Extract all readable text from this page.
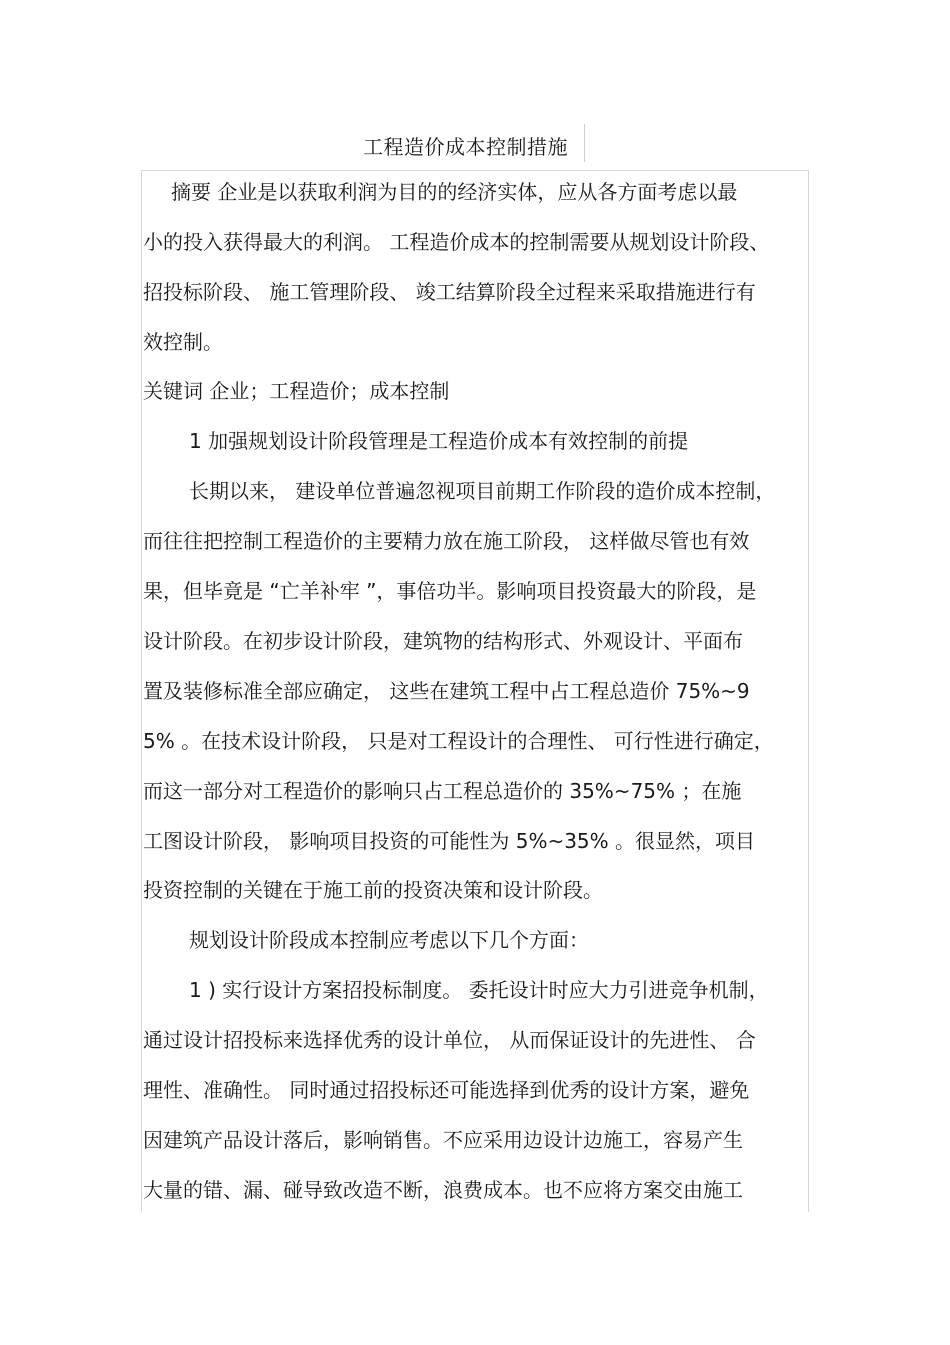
工程造价成本控制措施
摘要 企业是以获取利润为目的的经济实体，应从各方面考虑以最
小的投入获得最大的利润。 工程造价成本的控制需要从规划设计阶段、
招投标阶段、 施工管理阶段、 竣工结算阶段全过程来采取措施进行有
效控制。
关键词 企业；工程造价；成本控制
1 加强规划设计阶段管理是工程造价成本有效控制的前提
长期以来， 建设单位普遍忽视项目前期工作阶段的造价成本控制，
而往往把控制工程造价的主要精力放在施工阶段， 这样做尽管也有效
果，但毕竟是 “亡羊补牢 ”，事倍功半。影响项目投资最大的阶段，是
设计阶段。在初步设计阶段，建筑物的结构形式、外观设计、平面布
置及装修标准全部应确定， 这些在建筑工程中占工程总造价 75%~9
5% 。在技术设计阶段， 只是对工程设计的合理性、 可行性进行确定，
而这一部分对工程造价的影响只占工程总造价的 35%~75% ；在施
工图设计阶段， 影响项目投资的可能性为 5%~35% 。很显然，项目
投资控制的关键在于施工前的投资决策和设计阶段。
规划设计阶段成本控制应考虑以下几个方面：
1 ) 实行设计方案招投标制度。 委托设计时应大力引进竞争机制，
通过设计招投标来选择优秀的设计单位， 从而保证设计的先进性、 合
理性、准确性。 同时通过招投标还可能选择到优秀的设计方案，避免
因建筑产品设计落后，影响销售。不应采用边设计边施工，容易产生
大量的错、漏、碰导致改造不断，浪费成本。也不应将方案交由施工
